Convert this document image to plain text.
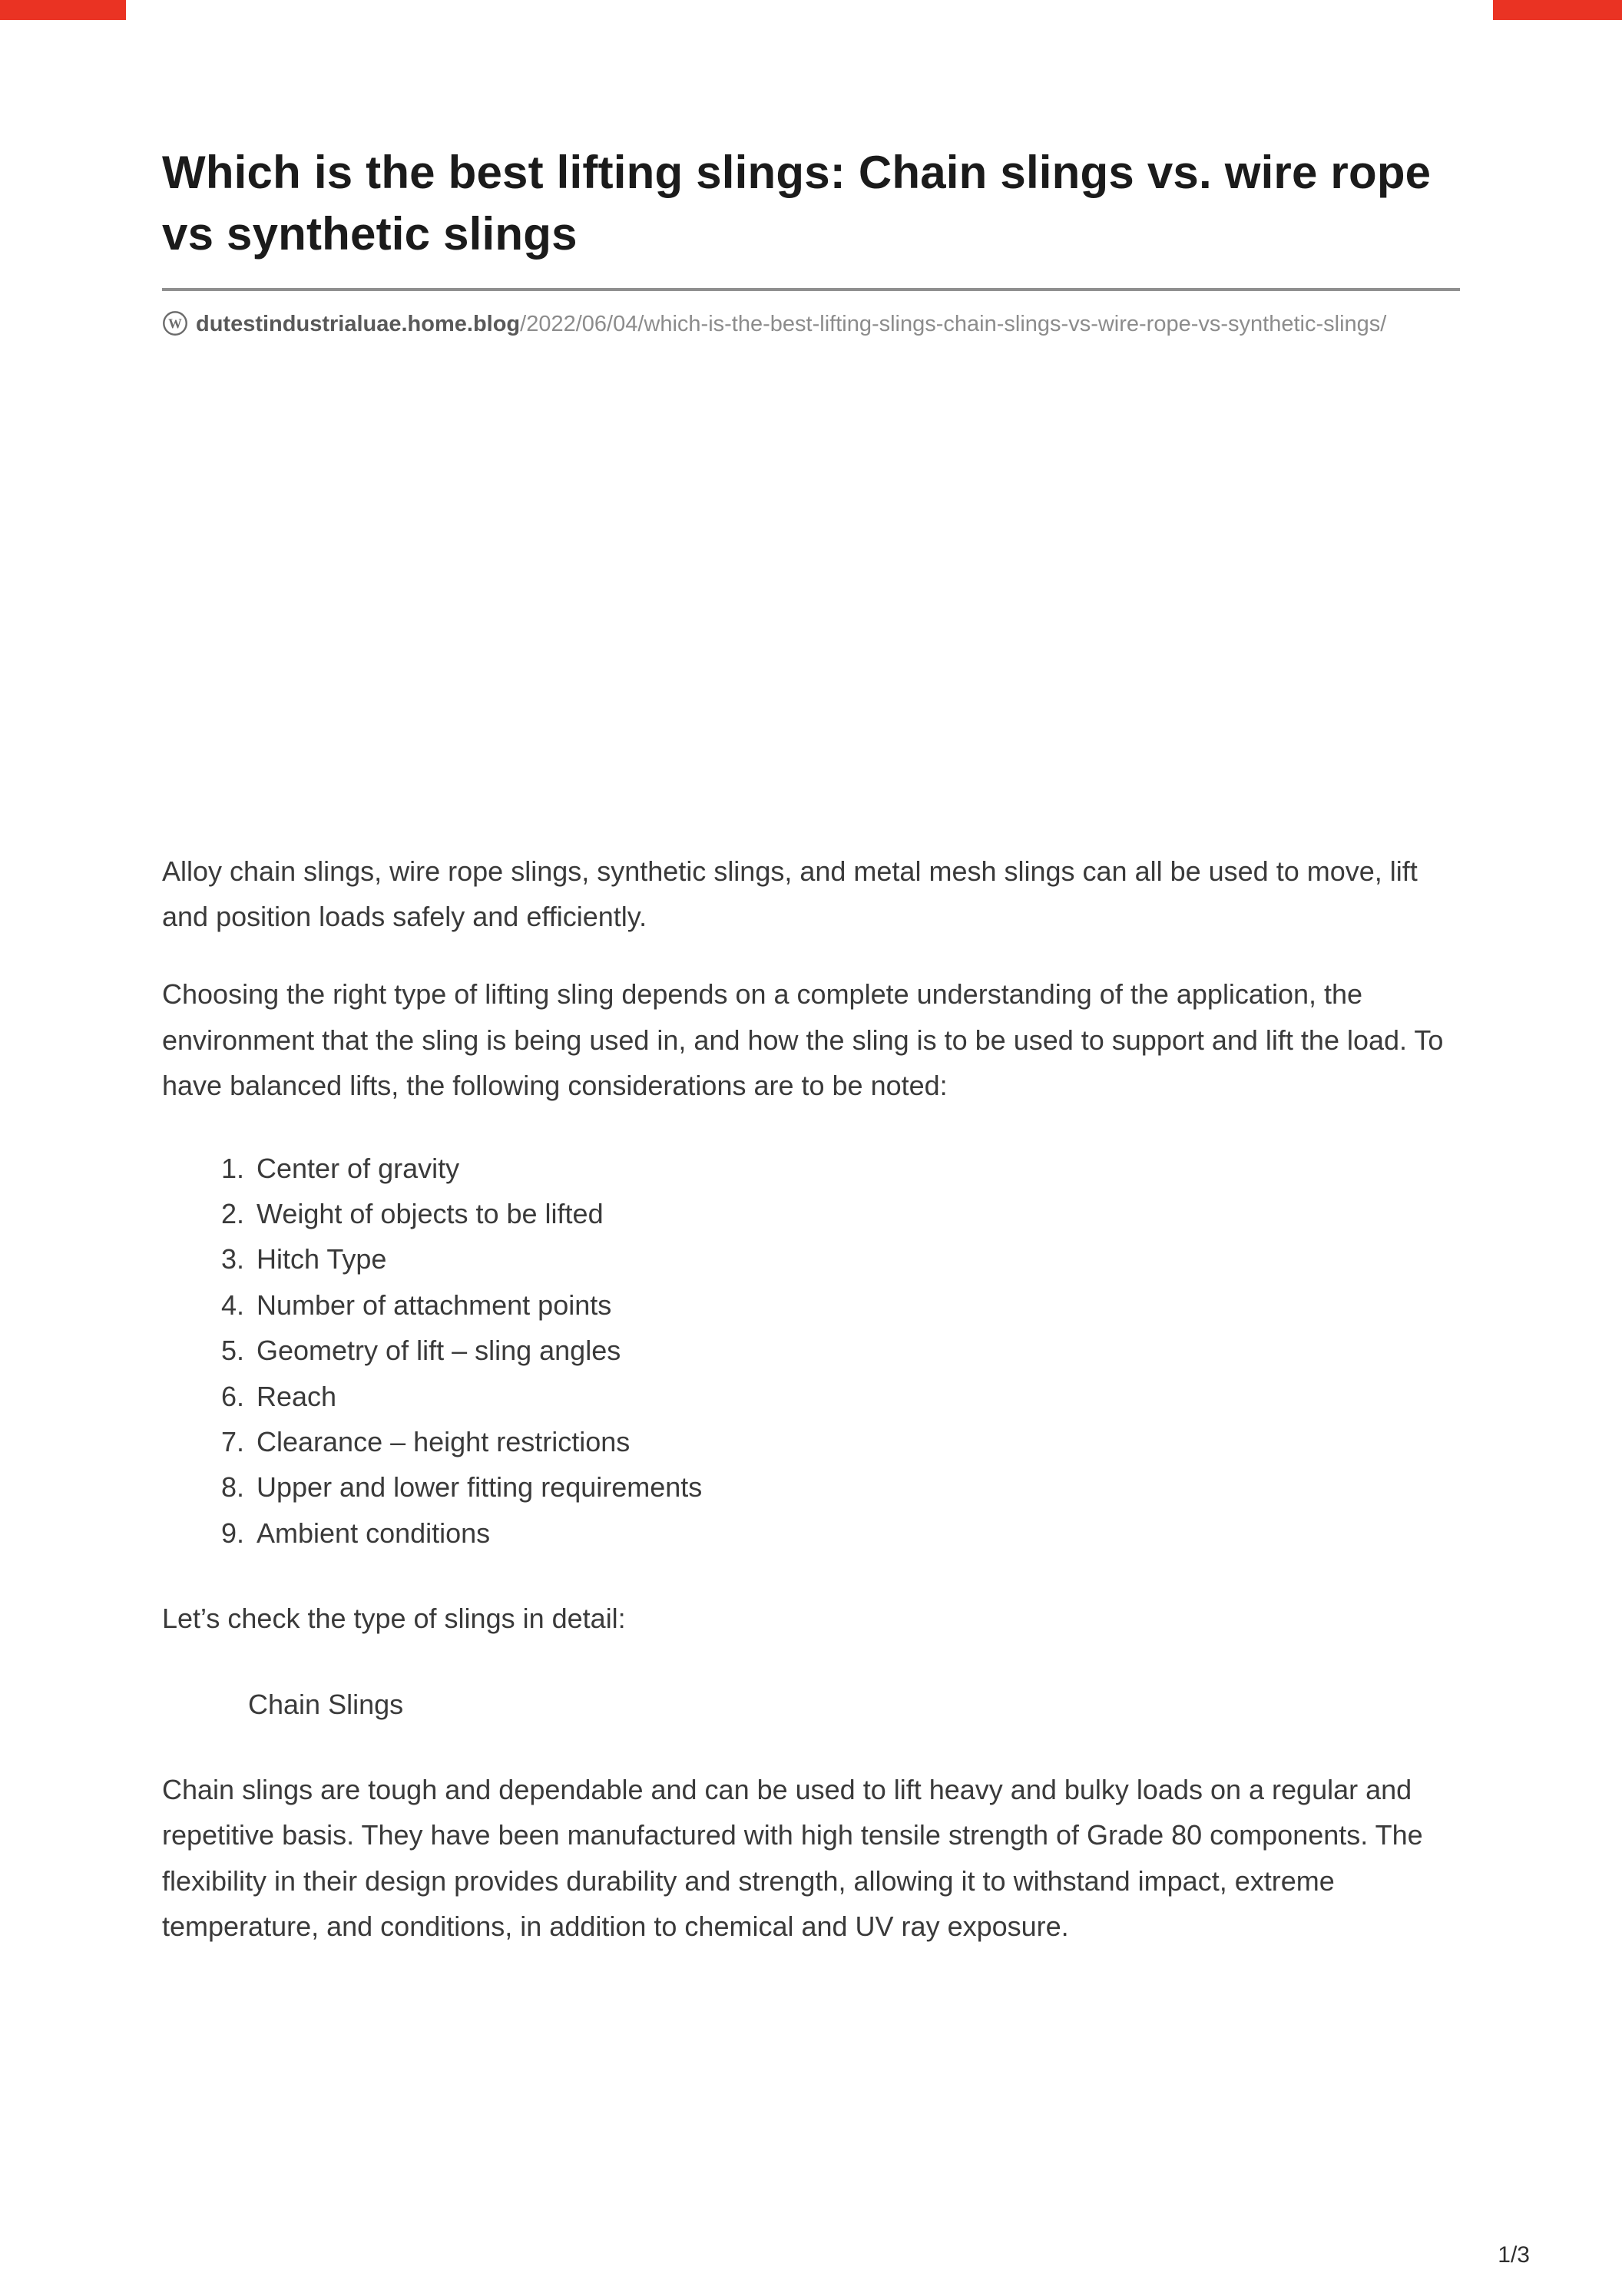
Which is the best lifting slings: Chain slings vs. wire rope vs synthetic slings

W dutestindustrialuae.home.blog/2022/06/04/which-is-the-best-lifting-slings-chain-slings-vs-wire-rope-vs-synthetic-slings/

Alloy chain slings, wire rope slings, synthetic slings, and metal mesh slings can all be used to move, lift and position loads safely and efficiently.

Choosing the right type of lifting sling depends on a complete understanding of the application, the environment that the sling is being used in, and how the sling is to be used to support and lift the load. To have balanced lifts, the following considerations are to be noted:

1. Center of gravity
2. Weight of objects to be lifted
3. Hitch Type
4. Number of attachment points
5. Geometry of lift – sling angles
6. Reach
7. Clearance – height restrictions
8. Upper and lower fitting requirements
9. Ambient conditions

Let’s check the type of slings in detail:

Chain Slings

Chain slings are tough and dependable and can be used to lift heavy and bulky loads on a regular and repetitive basis. They have been manufactured with high tensile strength of Grade 80 components. The flexibility in their design provides durability and strength, allowing it to withstand impact, extreme temperature, and conditions, in addition to chemical and UV ray exposure.

1/3
